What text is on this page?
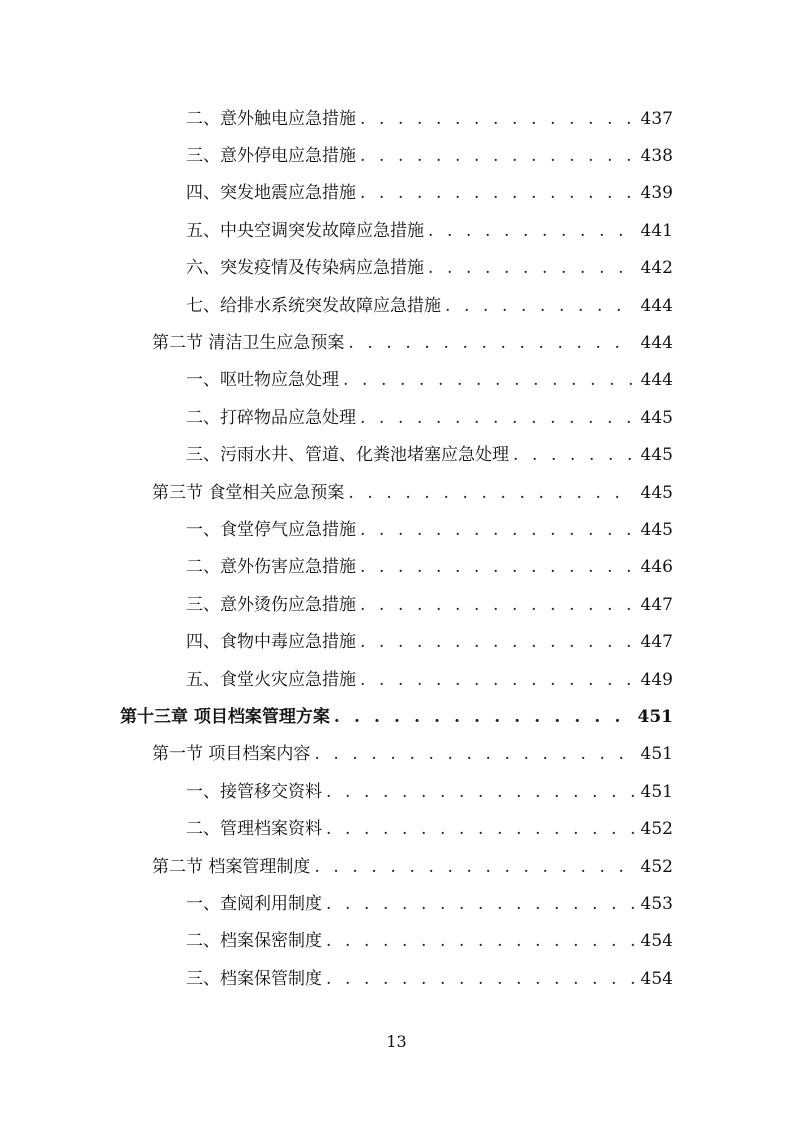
二、意外触电应急措施 . . .	437
三、意外停电应急措施 . . .	438
四、突发地震应急措施 . . .	439
五、中央空调突发故障应急措施 . . .	441
六、突发疫情及传染病应急措施 . . .	442
七、给排水系统突发故障应急措施 . . .	444
第二节 清洁卫生应急预案 . . .	444
一、呕吐物应急处理 . . .	444
二、打碎物品应急处理 . . .	445
三、污雨水井、管道、化粪池堵塞应急处理 . . .	445
第三节 食堂相关应急预案 . . .	445
一、食堂停气应急措施 . . .	445
二、意外伤害应急措施 . . .	446
三、意外烫伤应急措施 . . .	447
四、食物中毒应急措施 . . .	447
五、食堂火灾应急措施 . . .	449
第十三章 项目档案管理方案 . . .	451
第一节 项目档案内容 . . .	451
一、接管移交资料 . . .	451
二、管理档案资料 . . .	452
第二节 档案管理制度 . . .	452
一、查阅利用制度 . . .	453
二、档案保密制度 . . .	454
三、档案保管制度 . . .	454
13
